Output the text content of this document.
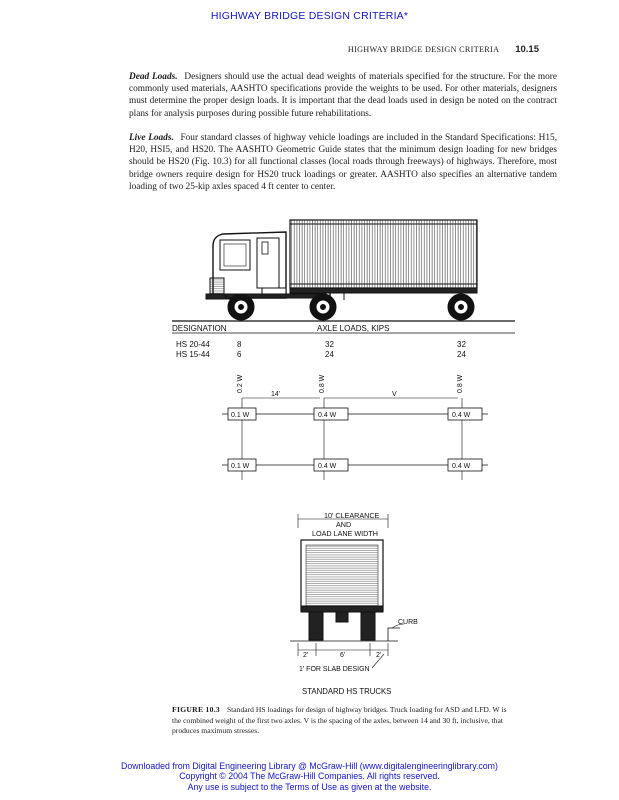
HIGHWAY BRIDGE DESIGN CRITERIA*
HIGHWAY BRIDGE DESIGN CRITERIA 10.15

Dead Loads. Designers should use the actual dead weights of materials specified for the structure. For the more commonly used materials, AASHTO specifications provide the weights to be used. For other materials, designers must determine the proper design loads. It is important that the dead loads used in design be noted on the contract plans for analysis purposes during possible future rehabilitations.

Live Loads. Four standard classes of highway vehicle loadings are included in the Standard Specifications: H15, H20, HSI5, and HS20. The AASHTO Geometric Guide states that the minimum design loading for new bridges should be HS20 (Fig. 10.3) for all functional classes (local roads through freeways) of highways. Therefore, most bridge owners require design for HS20 truck loadings or greater. AASHTO also specifies an alternative tandem loading of two 25-kip axles spaced 4 ft center to center.

DESIGNATION	AXLE LOADS, KIPS
HS 20-44	8	32	32
HS 15-44	6	24	24
0.2 W	0.8 W	0.8 W
14'	V
0.1 W	0.4 W	0.4 W
0.1 W	0.4 W	0.4 W
10' CLEARANCE
AND
LOAD LANE WIDTH
CURB
2'	6'	2'
1' FOR SLAB DESIGN
STANDARD HS TRUCKS
FIGURE 10.3 Standard HS loadings for design of highway bridges. Truck loading for ASD and LFD. W is the combined weight of the first two axles. V is the spacing of the axles, between 14 and 30 ft, inclusive, that produces maximum stresses.
Downloaded from Digital Engineering Library @ McGraw-Hill (www.digitalengineeringlibrary.com)
Copyright © 2004 The McGraw-Hill Companies. All rights reserved.
Any use is subject to the Terms of Use as given at the website.
